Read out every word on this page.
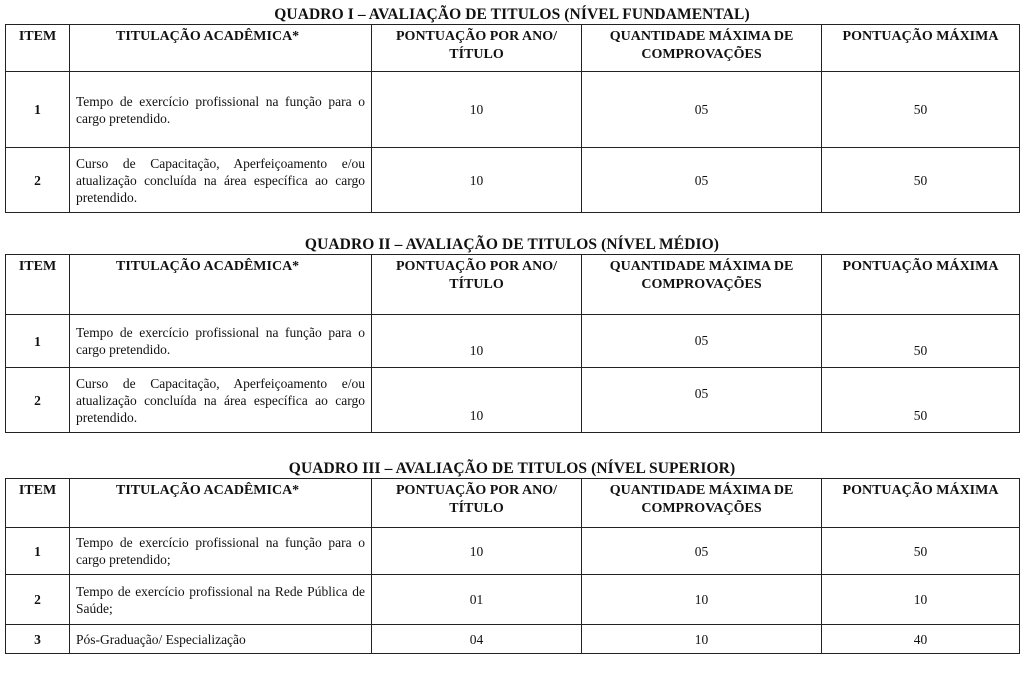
QUADRO I – AVALIAÇÃO DE TITULOS (NÍVEL FUNDAMENTAL)
ITEM	TITULAÇÃO ACADÊMICA*	PONTUAÇÃO POR ANO/ TÍTULO	QUANTIDADE MÁXIMA DE COMPROVAÇÕES	PONTUAÇÃO MÁXIMA
1	Tempo de exercício profissional na função para o cargo pretendido.	10	05	50
2	Curso de Capacitação, Aperfeiçoamento e/ou atualização concluída na área específica ao cargo pretendido.	10	05	50
QUADRO II – AVALIAÇÃO DE TITULOS (NÍVEL MÉDIO)
ITEM	TITULAÇÃO ACADÊMICA*	PONTUAÇÃO POR ANO/ TÍTULO	QUANTIDADE MÁXIMA DE COMPROVAÇÕES	PONTUAÇÃO MÁXIMA
1	Tempo de exercício profissional na função para o cargo pretendido.	10	05	50
2	Curso de Capacitação, Aperfeiçoamento e/ou atualização concluída na área específica ao cargo pretendido.	10	05	50
QUADRO III – AVALIAÇÃO DE TITULOS (NÍVEL SUPERIOR)
ITEM	TITULAÇÃO ACADÊMICA*	PONTUAÇÃO POR ANO/ TÍTULO	QUANTIDADE MÁXIMA DE COMPROVAÇÕES	PONTUAÇÃO MÁXIMA
1	Tempo de exercício profissional na função para o cargo pretendido;	10	05	50
2	Tempo de exercício profissional na Rede Pública de Saúde;	01	10	10
3	Pós-Graduação/ Especialização	04	10	40
